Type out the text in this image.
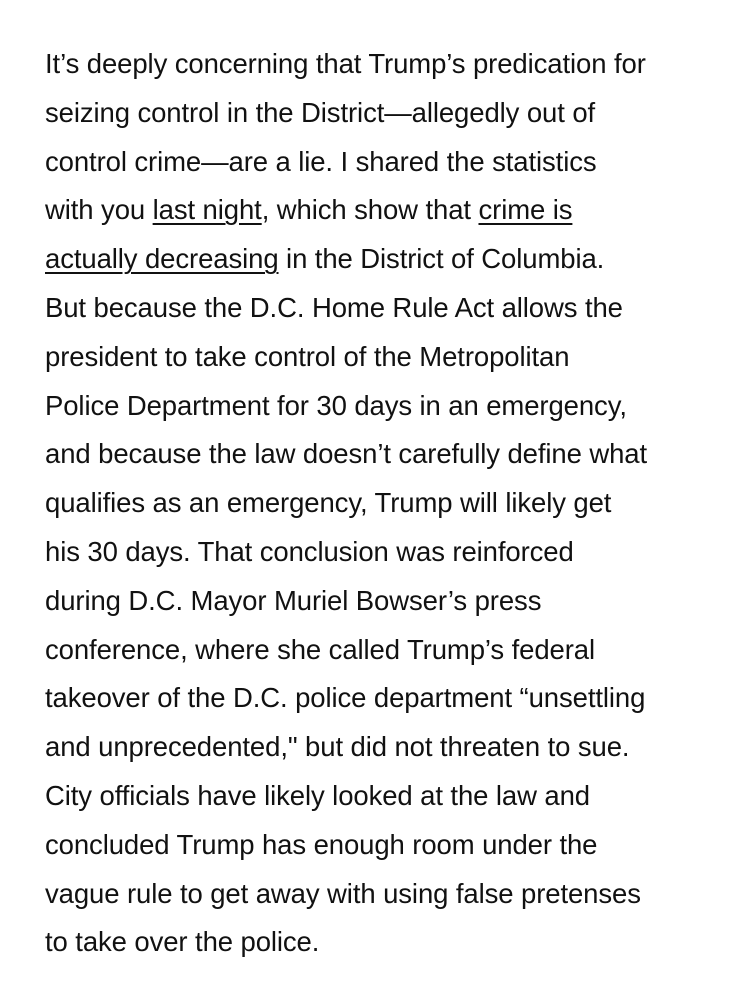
It’s deeply concerning that Trump’s predication for
seizing control in the District—allegedly out of
control crime—are a lie. I shared the statistics
with you last night, which show that crime is
actually decreasing in the District of Columbia.
But because the D.C. Home Rule Act allows the
president to take control of the Metropolitan
Police Department for 30 days in an emergency,
and because the law doesn’t carefully define what
qualifies as an emergency, Trump will likely get
his 30 days. That conclusion was reinforced
during D.C. Mayor Muriel Bowser’s press
conference, where she called Trump’s federal
takeover of the D.C. police department “unsettling
and unprecedented," but did not threaten to sue.
City officials have likely looked at the law and
concluded Trump has enough room under the
vague rule to get away with using false pretenses
to take over the police.
